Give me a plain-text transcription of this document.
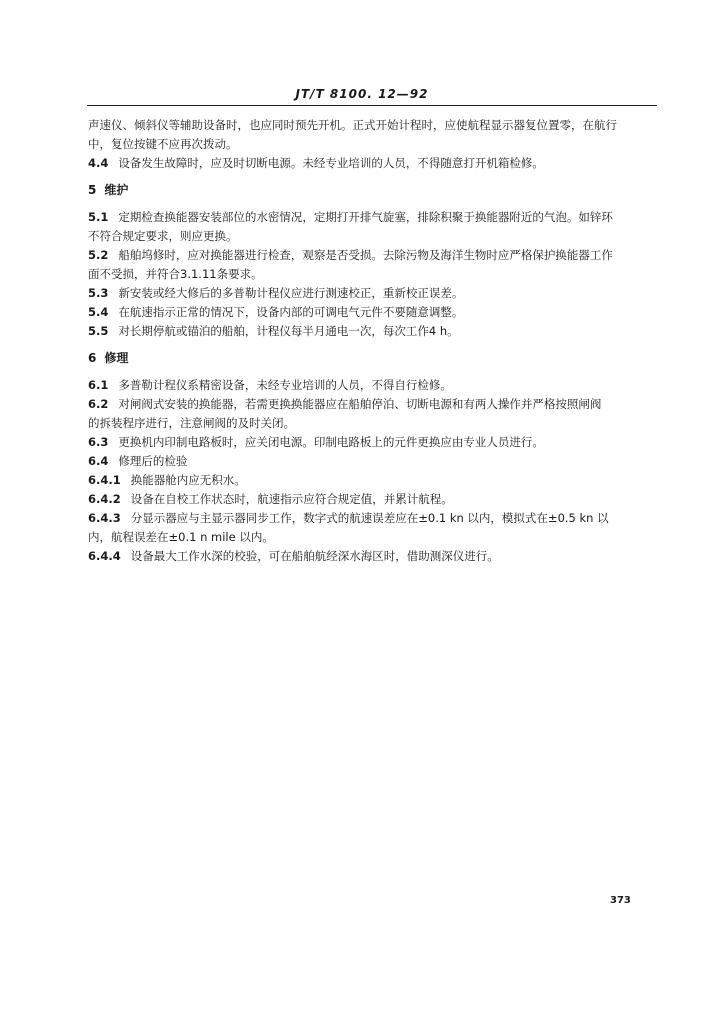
JT/T 8100. 12—92

声速仪、倾斜仪等辅助设备时，也应同时预先开机。正式开始计程时，应使航程显示器复位置零，在航行
中，复位按键不应再次拨动。

4.4 设备发生故障时，应及时切断电源。未经专业培训的人员，不得随意打开机箱检修。

5 维护

5.1 定期检查换能器安装部位的水密情况，定期打开排气旋塞，排除积聚于换能器附近的气泡。如锌环
不符合规定要求，则应更换。

5.2 船舶坞修时，应对换能器进行检查，观察是否受损。去除污物及海洋生物时应严格保护换能器工作
面不受损，并符合3.1.11条要求。

5.3 新安装或经大修后的多普勒计程仪应进行测速校正，重新校正误差。

5.4 在航速指示正常的情况下，设备内部的可调电气元件不要随意调整。

5.5 对长期停航或锚泊的船舶，计程仪每半月通电一次，每次工作4 h。

6 修理

6.1 多普勒计程仪系精密设备，未经专业培训的人员，不得自行检修。

6.2 对闸阀式安装的换能器，若需更换换能器应在船舶停泊、切断电源和有两人操作并严格按照闸阀
的拆装程序进行，注意闸阀的及时关闭。

6.3 更换机内印制电路板时，应关闭电源。印制电路板上的元件更换应由专业人员进行。

6.4 修理后的检验

6.4.1 换能器舱内应无积水。

6.4.2 设备在自校工作状态时，航速指示应符合规定值，并累计航程。

6.4.3 分显示器应与主显示器同步工作，数字式的航速误差应在±0.1 kn 以内，模拟式在±0.5 kn 以
内，航程误差在±0.1 n mile 以内。

6.4.4 设备最大工作水深的校验，可在船舶航经深水海区时，借助测深仪进行。

373
